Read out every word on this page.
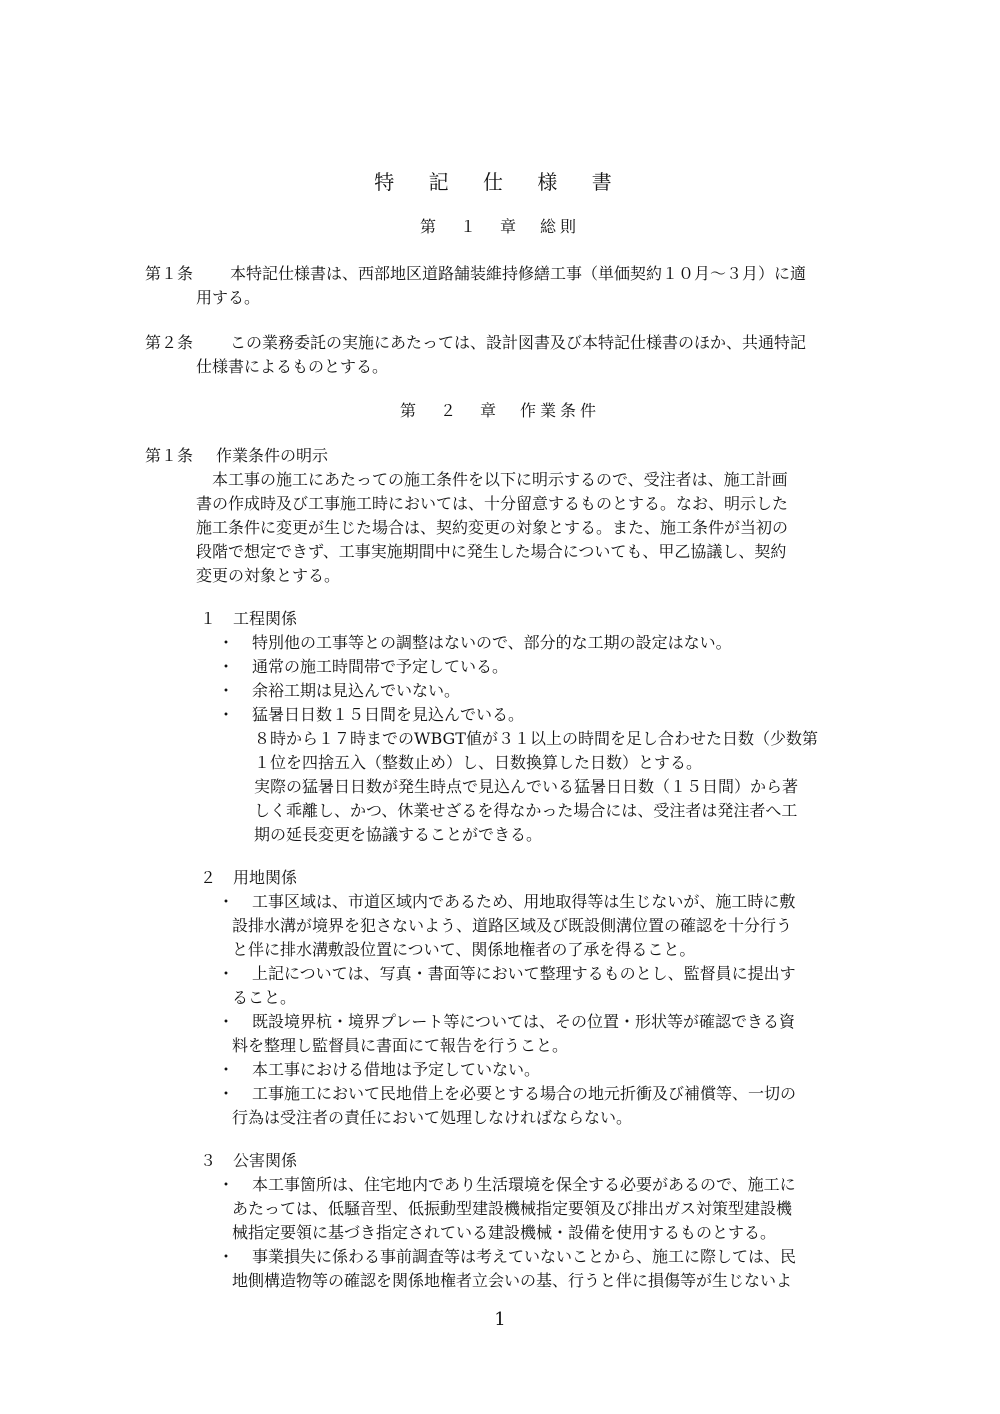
特 記 仕 様 書
第　１　章　総則
第１条 本特記仕様書は、西部地区道路舗装維持修繕工事（単価契約１０月～３月）に適
用する。
第２条 この業務委託の実施にあたっては、設計図書及び本特記仕様書のほか、共通特記
仕様書によるものとする。
第　２　章　作業条件
第１条 作業条件の明示
　本工事の施工にあたっての施工条件を以下に明示するので、受注者は、施工計画
書の作成時及び工事施工時においては、十分留意するものとする。なお、明示した
施工条件に変更が生じた場合は、契約変更の対象とする。また、施工条件が当初の
段階で想定できず、工事実施期間中に発生した場合についても、甲乙協議し、契約
変更の対象とする。
１ 工程関係
・ 特別他の工事等との調整はないので、部分的な工期の設定はない。
・ 通常の施工時間帯で予定している。
・ 余裕工期は見込んでいない。
・ 猛暑日日数１５日間を見込んでいる。
８時から１７時までのWBGT値が３１以上の時間を足し合わせた日数（少数第
１位を四捨五入（整数止め）し、日数換算した日数）とする。
実際の猛暑日日数が発生時点で見込んでいる猛暑日日数（１５日間）から著
しく乖離し、かつ、休業せざるを得なかった場合には、受注者は発注者へ工
期の延長変更を協議することができる。
２ 用地関係
・ 工事区域は、市道区域内であるため、用地取得等は生じないが、施工時に敷
設排水溝が境界を犯さないよう、道路区域及び既設側溝位置の確認を十分行う
と伴に排水溝敷設位置について、関係地権者の了承を得ること。
・ 上記については、写真・書面等において整理するものとし、監督員に提出す
ること。
・ 既設境界杭・境界プレート等については、その位置・形状等が確認できる資
料を整理し監督員に書面にて報告を行うこと。
・ 本工事における借地は予定していない。
・ 工事施工において民地借上を必要とする場合の地元折衝及び補償等、一切の
行為は受注者の責任において処理しなければならない。
３ 公害関係
・ 本工事箇所は、住宅地内であり生活環境を保全する必要があるので、施工に
あたっては、低騒音型、低振動型建設機械指定要領及び排出ガス対策型建設機
械指定要領に基づき指定されている建設機械・設備を使用するものとする。
・ 事業損失に係わる事前調査等は考えていないことから、施工に際しては、民
地側構造物等の確認を関係地権者立会いの基、行うと伴に損傷等が生じないよ
1
